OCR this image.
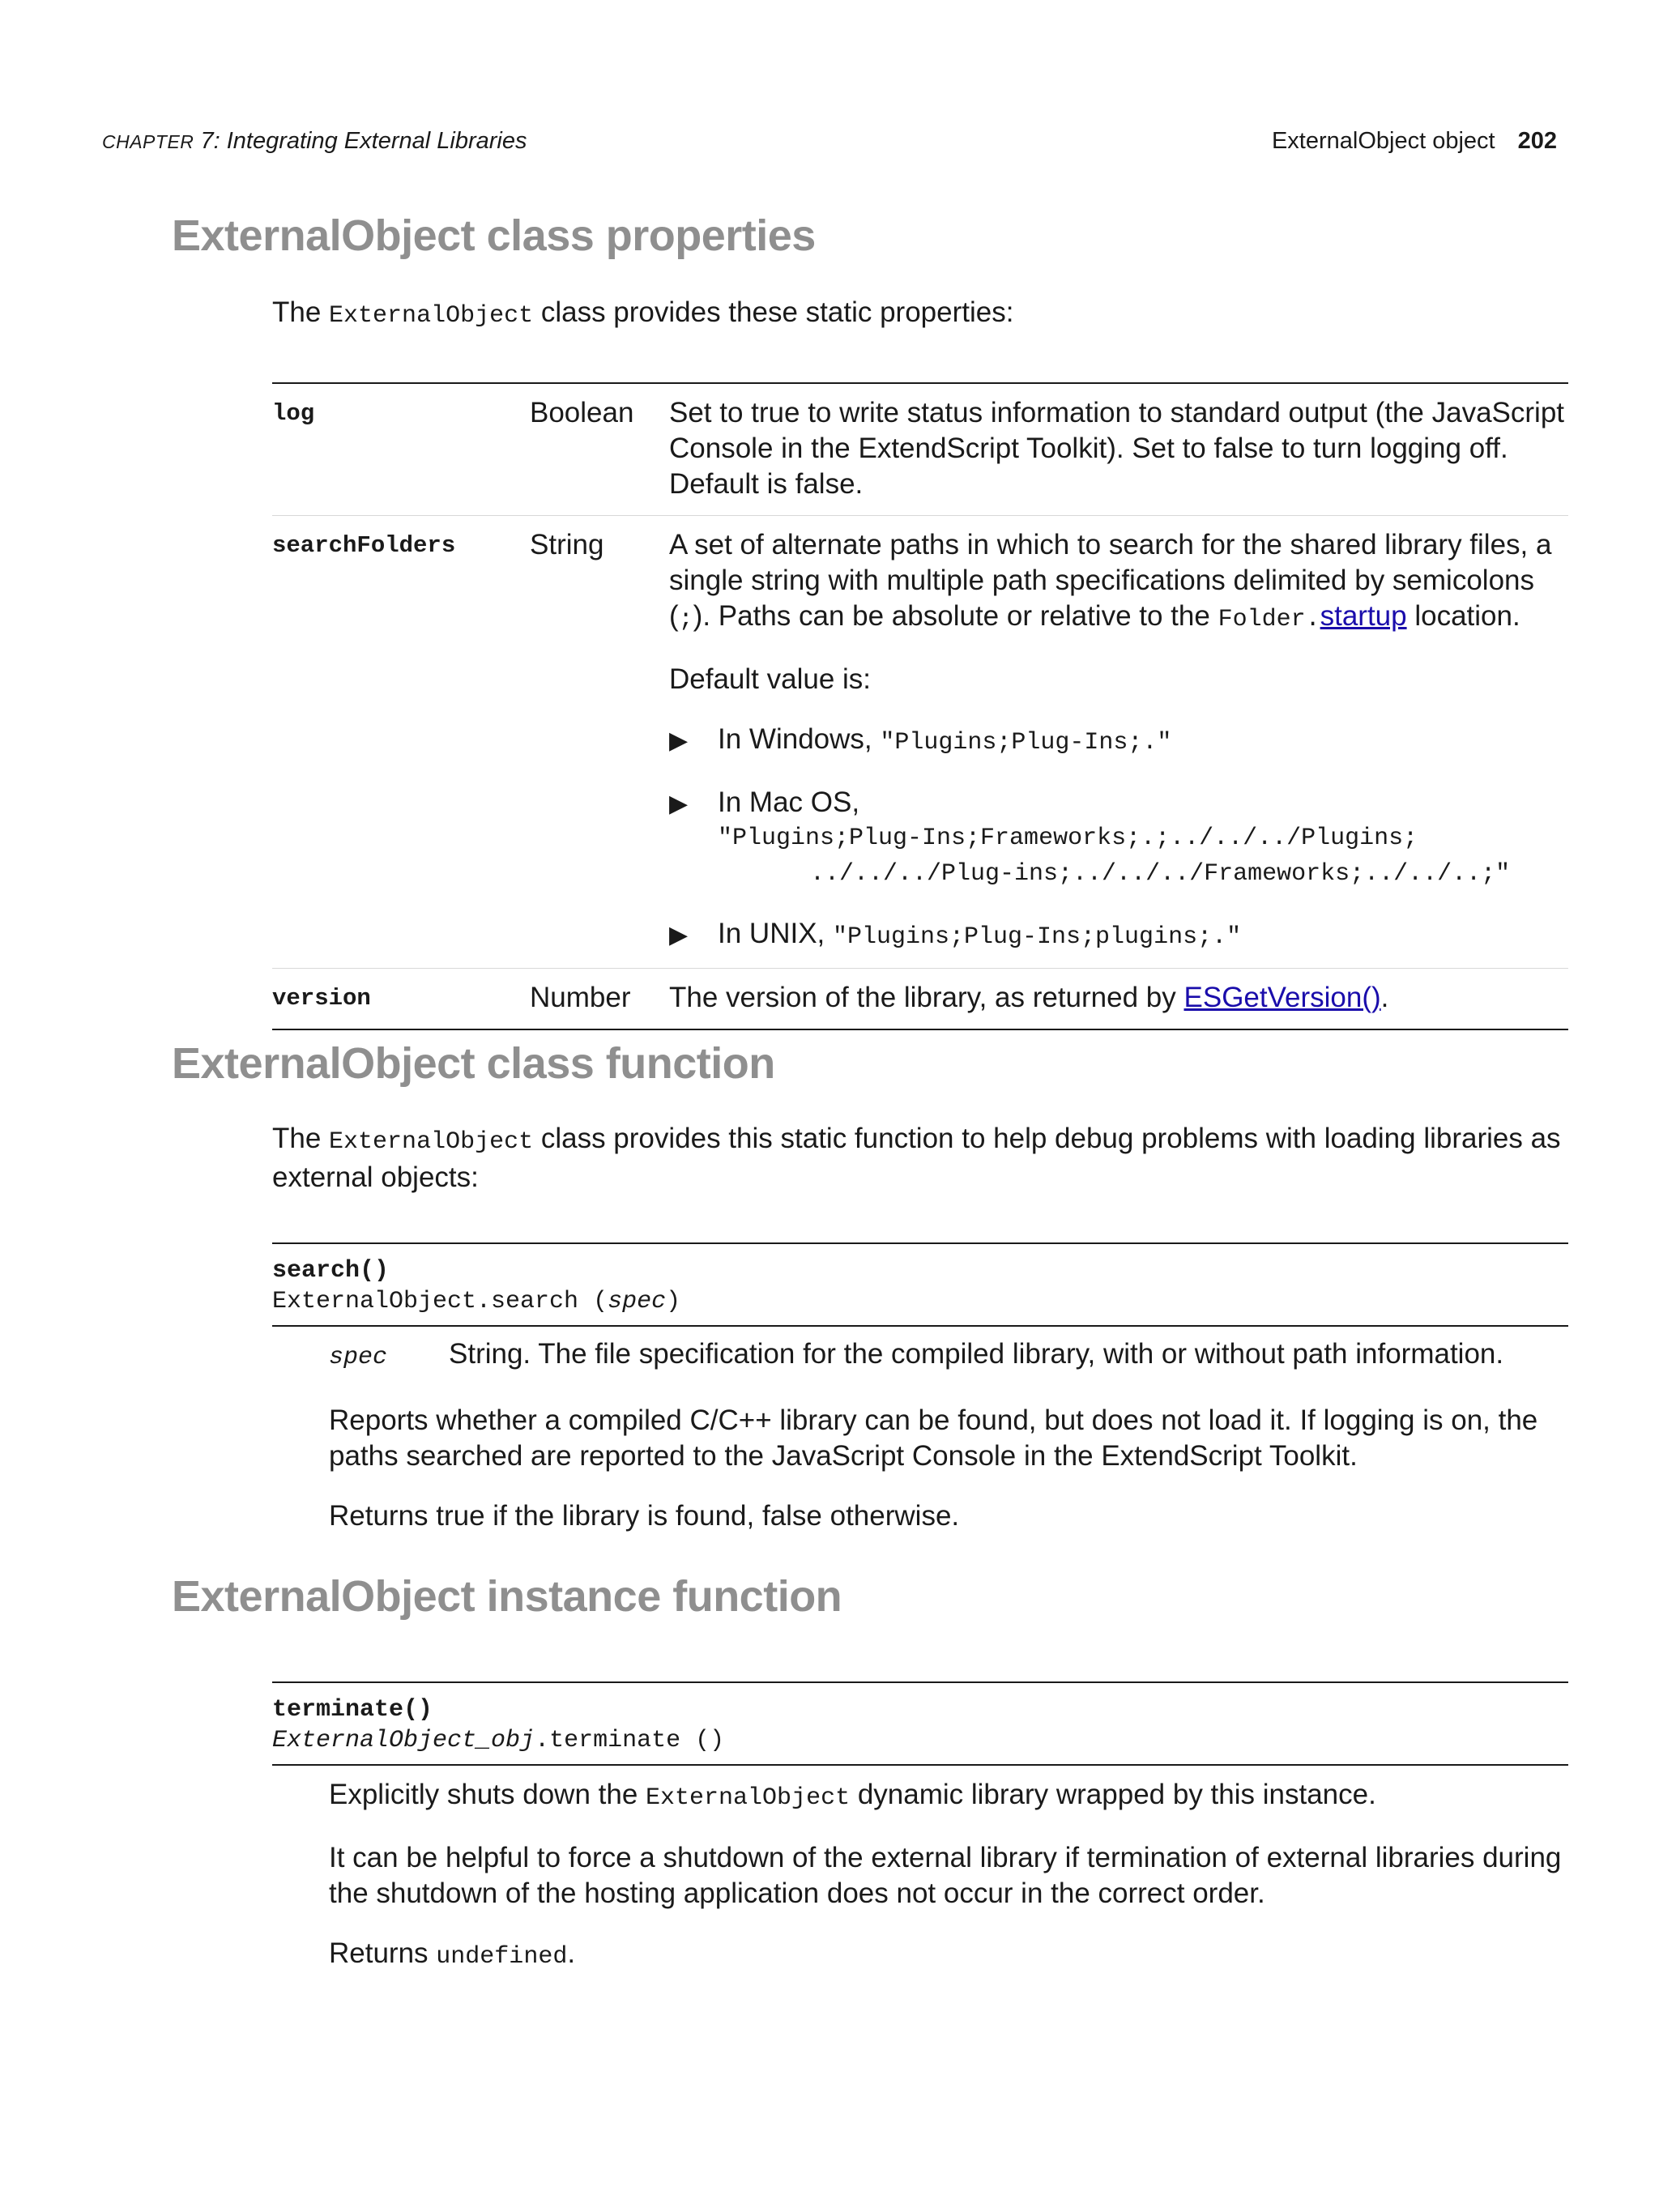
CHAPTER 7: Integrating External Libraries	ExternalObject object 202
ExternalObject class properties

The ExternalObject class provides these static properties:

log	Boolean	Set to true to write status information to standard output (the JavaScript Console in the ExtendScript Toolkit). Set to false to turn logging off. Default is false.

searchFolders	String	A set of alternate paths in which to search for the shared library files, a single string with multiple path specifications delimited by semicolons (;). Paths can be absolute or relative to the Folder.startup location.

Default value is:

▶	In Windows, "Plugins;Plug-Ins;."
▶	In Mac OS,
"Plugins;Plug-Ins;Frameworks;.;../../../Plugins;
../../../Plug-ins;../../../Frameworks;../../..;"
▶	In UNIX, "Plugins;Plug-Ins;plugins;."
version	Number	The version of the library, as returned by ESGetVersion().

ExternalObject class function

The ExternalObject class provides this static function to help debug problems with loading libraries as external objects:

search()
ExternalObject.search (spec)
spec	String. The file specification for the compiled library, with or without path information.

Reports whether a compiled C/C++ library can be found, but does not load it. If logging is on, the paths searched are reported to the JavaScript Console in the ExtendScript Toolkit.

Returns true if the library is found, false otherwise.

ExternalObject instance function
terminate()
ExternalObject_obj.terminate ()

Explicitly shuts down the ExternalObject dynamic library wrapped by this instance.

It can be helpful to force a shutdown of the external library if termination of external libraries during the shutdown of the hosting application does not occur in the correct order.

Returns undefined.
